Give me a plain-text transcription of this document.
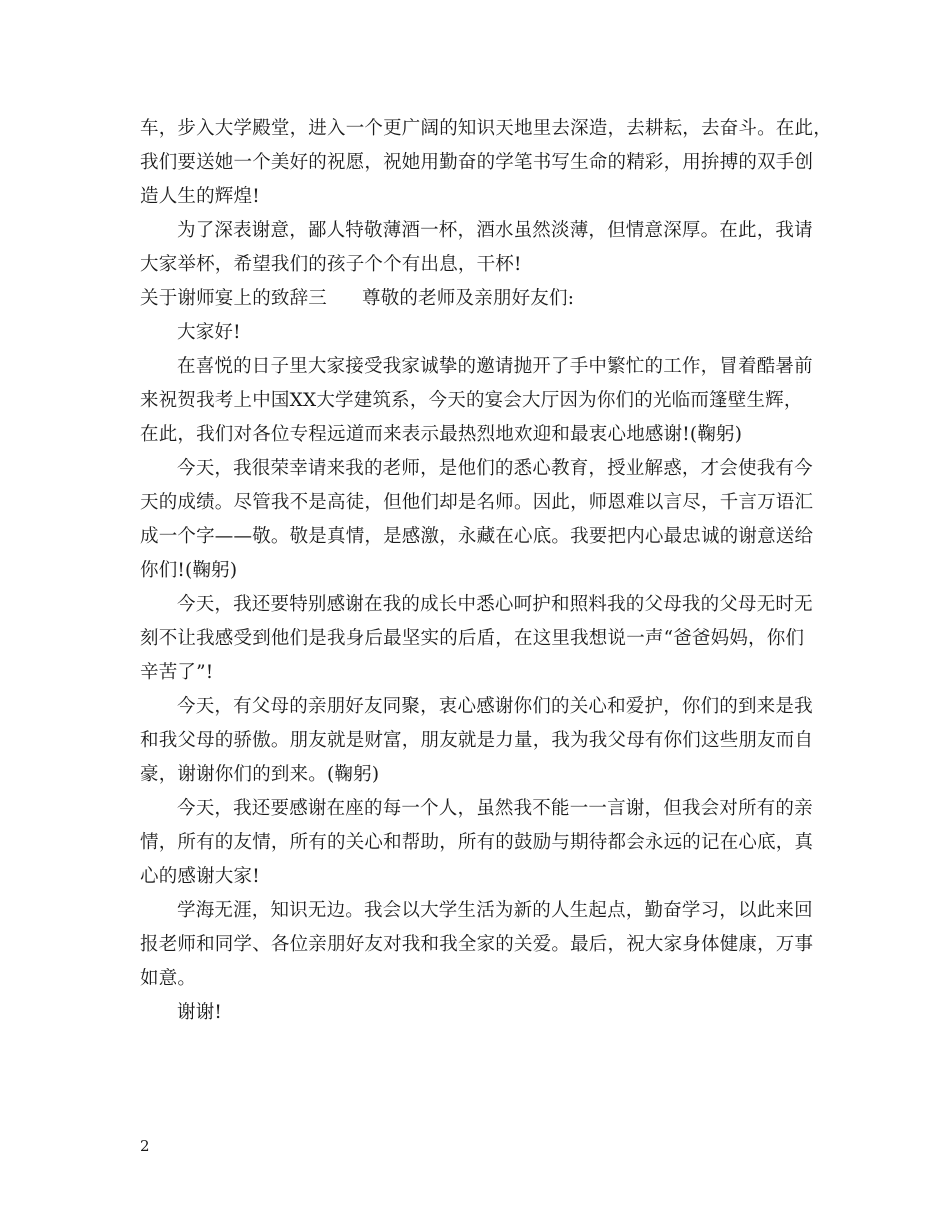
车，步入大学殿堂，进入一个更广阔的知识天地里去深造，去耕耘，去奋斗。在此，
我们要送她一个美好的祝愿，祝她用勤奋的学笔书写生命的精彩，用拚搏的双手创
造人生的辉煌!
为了深表谢意，鄙人特敬薄酒一杯，酒水虽然淡薄，但情意深厚。在此，我请
大家举杯，希望我们的孩子个个有出息，干杯!
关于谢师宴上的致辞三	尊敬的老师及亲朋好友们:
大家好!
在喜悦的日子里大家接受我家诚挚的邀请抛开了手中繁忙的工作，冒着酷暑前
来祝贺我考上中国XX大学建筑系，今天的宴会大厅因为你们的光临而篷壁生辉，
在此，我们对各位专程远道而来表示最热烈地欢迎和最衷心地感谢!(鞠躬)
今天，我很荣幸请来我的老师，是他们的悉心教育，授业解惑，才会使我有今
天的成绩。尽管我不是高徒，但他们却是名师。因此，师恩难以言尽，千言万语汇
成一个字——敬。敬是真情，是感激，永藏在心底。我要把内心最忠诚的谢意送给
你们!(鞠躬)
今天，我还要特别感谢在我的成长中悉心呵护和照料我的父母我的父母无时无
刻不让我感受到他们是我身后最坚实的后盾，在这里我想说一声“爸爸妈妈，你们
辛苦了”!
今天，有父母的亲朋好友同聚，衷心感谢你们的关心和爱护，你们的到来是我
和我父母的骄傲。朋友就是财富，朋友就是力量，我为我父母有你们这些朋友而自
豪，谢谢你们的到来。(鞠躬)
今天，我还要感谢在座的每一个人，虽然我不能一一言谢，但我会对所有的亲
情，所有的友情，所有的关心和帮助，所有的鼓励与期待都会永远的记在心底，真
心的感谢大家!
学海无涯，知识无边。我会以大学生活为新的人生起点，勤奋学习，以此来回
报老师和同学、各位亲朋好友对我和我全家的关爱。最后，祝大家身体健康，万事
如意。
谢谢!
2
